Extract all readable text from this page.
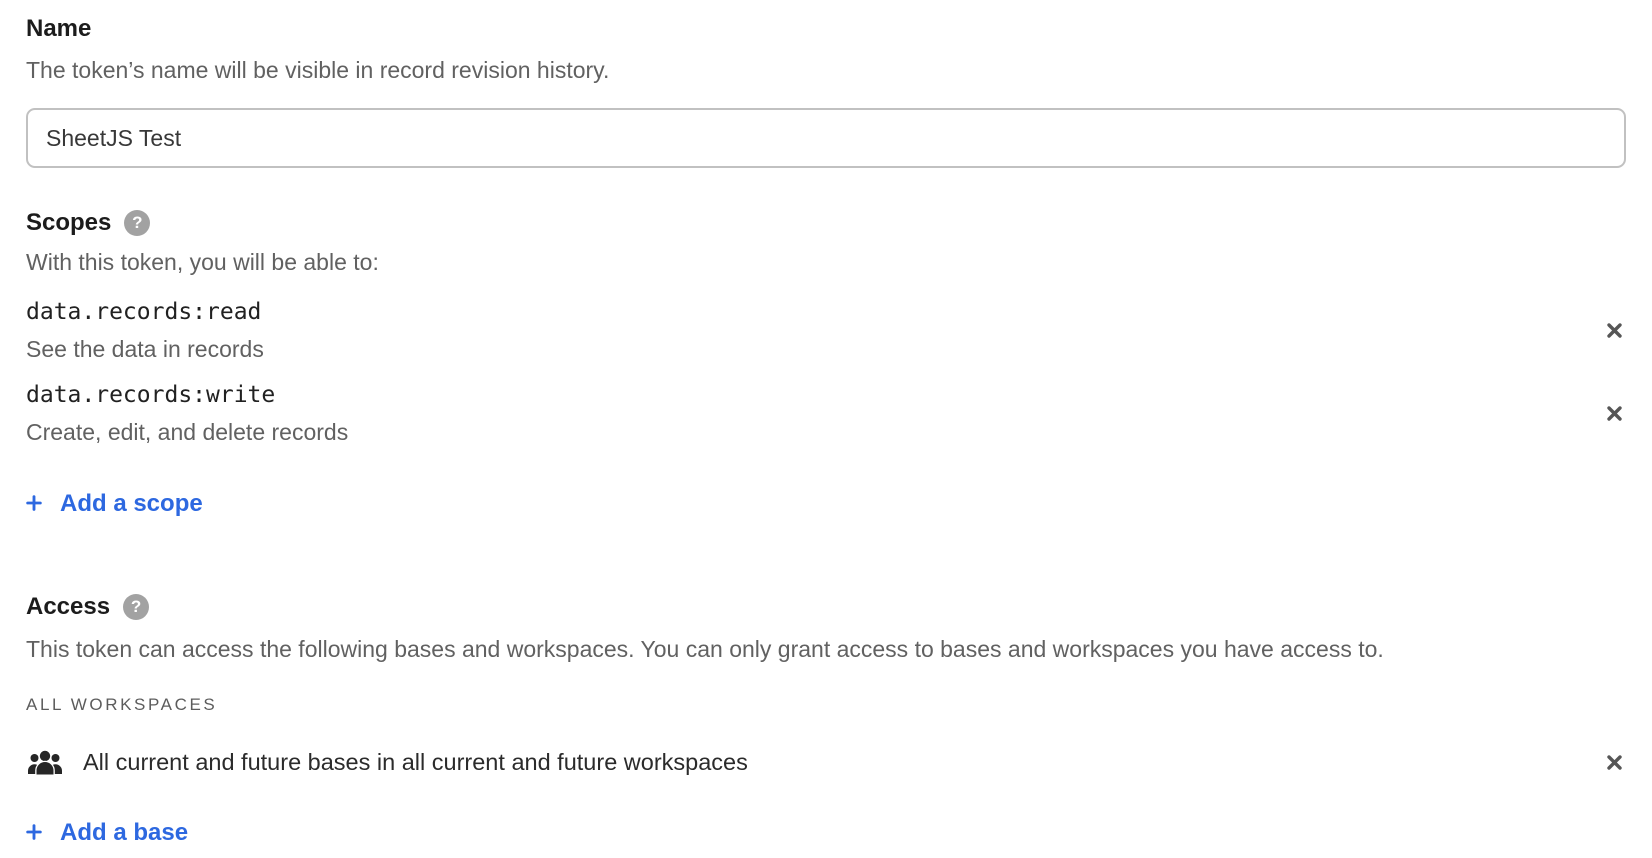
Name

The token’s name will be visible in record revision history.

SheetJS Test
Scopes	?

With this token, you will be able to:

data.records:read
See the data in records
data.records:write
Create, edit, and delete records
Add a scope
Access	?

This token can access the following bases and workspaces. You can only grant access to bases and workspaces you have access to.

ALL WORKSPACES
All current and future bases in all current and future workspaces
Add a base
